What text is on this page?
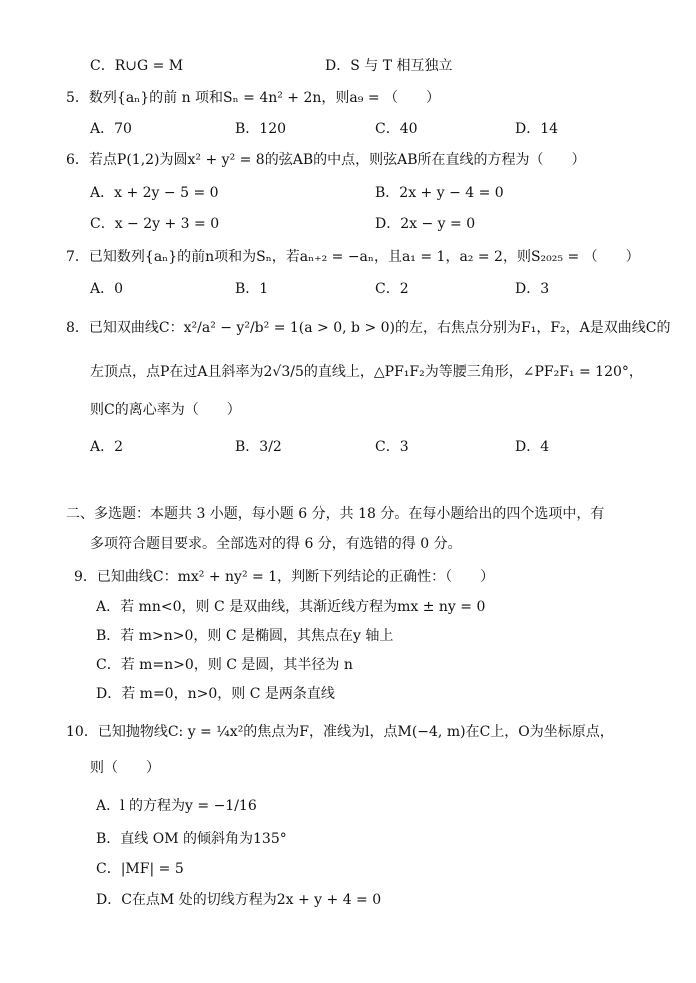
C．R∪G = M	D．S 与 T 相互独立
5．数列{aₙ}的前 n 项和Sₙ = 4n² + 2n，则a₉ = （　　）
A．70	B．120	C．40	D．14
6．若点P(1,2)为圆x² + y² = 8的弦AB的中点，则弦AB所在直线的方程为（　　）
A．x + 2y − 5 = 0	B．2x + y − 4 = 0
C．x − 2y + 3 = 0	D．2x − y = 0
7．已知数列{aₙ}的前n项和为Sₙ，若aₙ₊₂ = −aₙ，且a₁ = 1，a₂ = 2，则S₂₀₂₅ = （　　）
A．0	B．1	C．2	D．3
8．已知双曲线C：x²/a² − y²/b² = 1(a > 0, b > 0)的左，右焦点分别为F₁，F₂，A是双曲线C的
左顶点，点P在过A且斜率为2√3/5的直线上，△PF₁F₂为等腰三角形，∠PF₂F₁ = 120°，
则C的离心率为（　　）
A．2	B．3/2	C．3	D．4
二、多选题：本题共 3 小题，每小题 6 分，共 18 分。在每小题给出的四个选项中，有
多项符合题目要求。全部选对的得 6 分，有选错的得 0 分。
9．已知曲线C：mx² + ny² = 1，判断下列结论的正确性：（　　）
A．若 mn<0，则 C 是双曲线，其渐近线方程为mx ± ny = 0
B．若 m>n>0，则 C 是椭圆，其焦点在y 轴上
C．若 m=n>0，则 C 是圆，其半径为 n
D．若 m=0，n>0，则 C 是两条直线
10．已知抛物线C: y = ¼x²的焦点为F，准线为l，点M(−4, m)在C上，O为坐标原点，
则（　　）
A．l 的方程为y = −1/16
B．直线 OM 的倾斜角为135°
C．|MF| = 5
D．C在点M 处的切线方程为2x + y + 4 = 0
